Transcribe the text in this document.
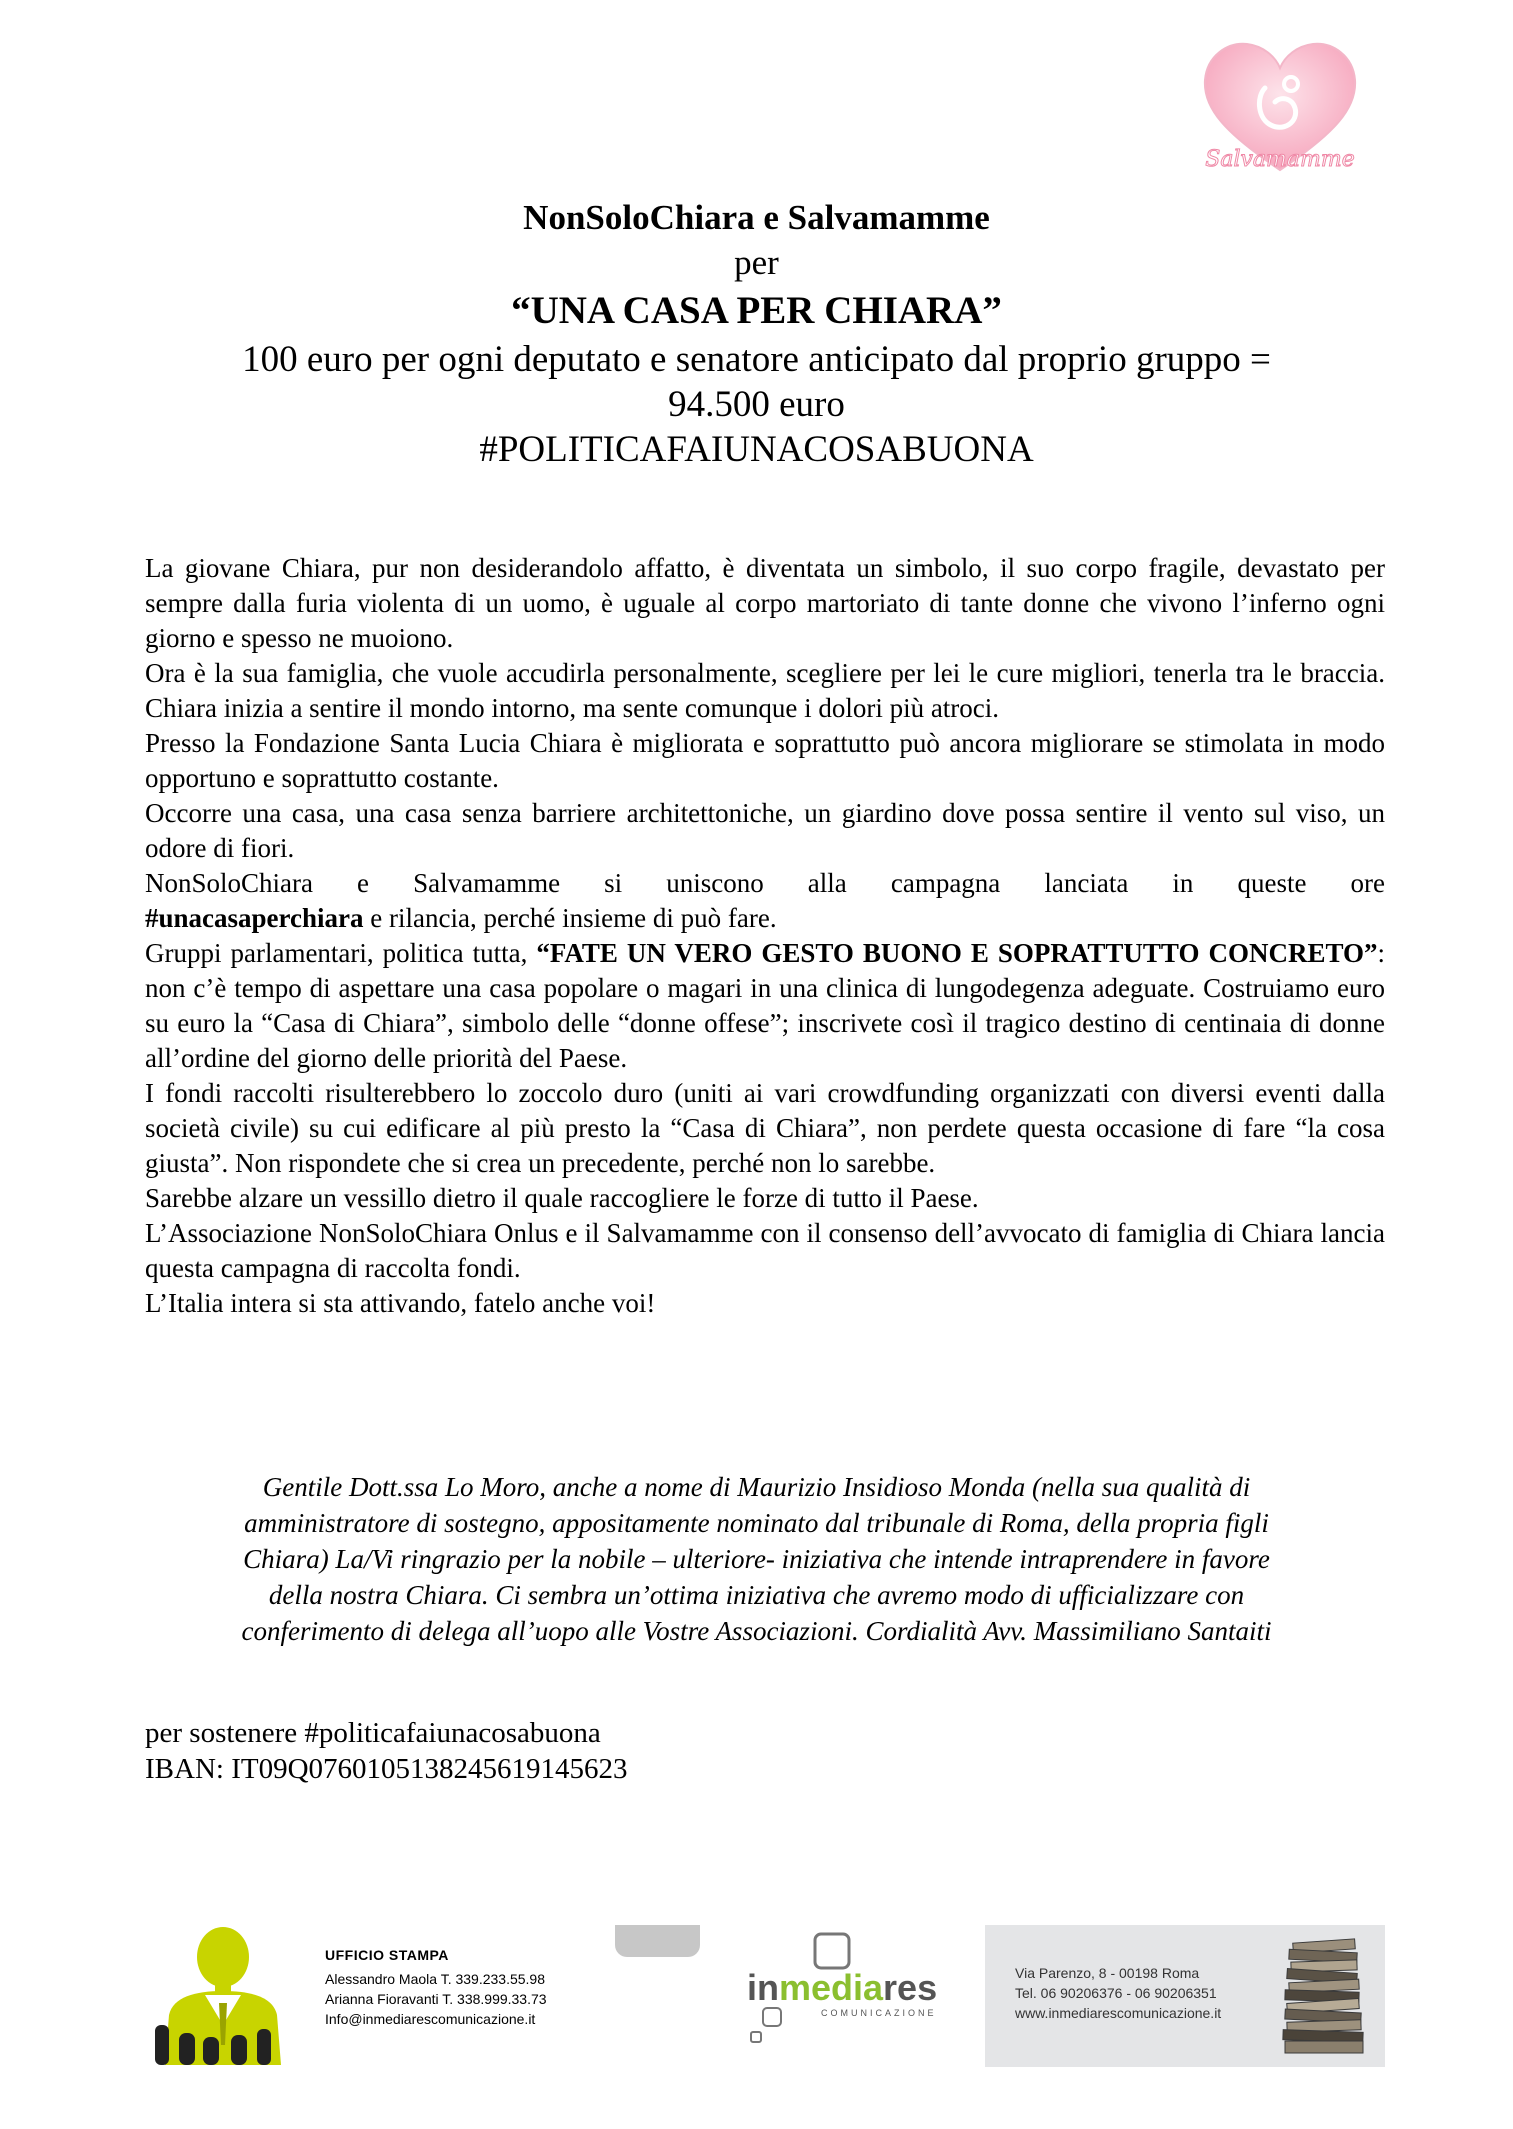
Salvamamme
NonSoloChiara e Salvamamme
per
“UNA CASA PER CHIARA”
100 euro per ogni deputato e senatore anticipato dal proprio gruppo =
94.500 euro
#POLITICAFAIUNACOSABUONA

La giovane Chiara, pur non desiderandolo affatto, è diventata un simbolo, il suo corpo fragile, devastato per sempre dalla furia violenta di un uomo, è uguale al corpo martoriato di tante donne che vivono l’inferno ogni giorno e spesso ne muoiono.

Ora è la sua famiglia, che vuole accudirla personalmente, scegliere per lei le cure migliori, tenerla tra le braccia. Chiara inizia a sentire il mondo intorno, ma sente comunque i dolori più atroci.

Presso la Fondazione Santa Lucia Chiara è migliorata e soprattutto può ancora migliorare se stimolata in modo opportuno e soprattutto costante.

Occorre una casa, una casa senza barriere architettoniche, un giardino dove possa sentire il vento sul viso, un odore di fiori.

NonSoloChiara e Salvamamme si uniscono alla campagna lanciata in queste ore

#unacasaperchiara e rilancia, perché insieme di può fare.

Gruppi parlamentari, politica tutta, “FATE UN VERO GESTO BUONO E SOPRATTUTTO CONCRETO”: non c’è tempo di aspettare una casa popolare o magari in una clinica di lungodegenza adeguate. Costruiamo euro su euro la “Casa di Chiara”, simbolo delle “donne offese”; inscrivete così il tragico destino di centinaia di donne all’ordine del giorno delle priorità del Paese.

I fondi raccolti risulterebbero lo zoccolo duro (uniti ai vari crowdfunding organizzati con diversi eventi dalla società civile) su cui edificare al più presto la “Casa di Chiara”, non perdete questa occasione di fare “la cosa giusta”. Non rispondete che si crea un precedente, perché non lo sarebbe.

Sarebbe alzare un vessillo dietro il quale raccogliere le forze di tutto il Paese.

L’Associazione NonSoloChiara Onlus e il Salvamamme con il consenso dell’avvocato di famiglia di Chiara lancia questa campagna di raccolta fondi.

L’Italia intera si sta attivando, fatelo anche voi!

Gentile Dott.ssa Lo Moro, anche a nome di Maurizio Insidioso Monda (nella sua qualità di
amministratore di sostegno, appositamente nominato dal tribunale di Roma, della propria figli
Chiara) La/Vi ringrazio per la nobile – ulteriore- iniziativa che intende intraprendere in favore
della nostra Chiara. Ci sembra un’ottima iniziativa che avremo modo di ufficializzare con
conferimento di delega all’uopo alle Vostre Associazioni. Cordialità Avv. Massimiliano Santaiti
per sostenere #politicafaiunacosabuona
IBAN: IT09Q0760105138245619145623
UFFICIO STAMPA
Alessandro Maola T. 339.233.55.98
Arianna Fioravanti T. 338.999.33.73
Info@inmediarescomunicazione.it
inmediares
COMUNICAZIONE
Via Parenzo, 8 - 00198 Roma
Tel. 06 90206376 - 06 90206351
www.inmediarescomunicazione.it
